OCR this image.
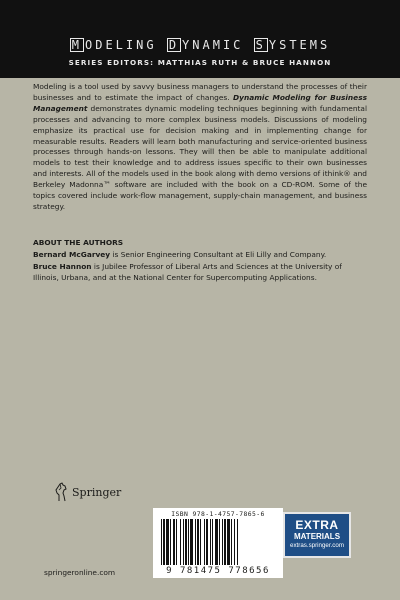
M ODELING D YNAMIC S YSTEMS
SERIES EDITORS: MATTHIAS RUTH & BRUCE HANNON
Modeling is a tool used by savvy business managers to understand the processes of their businesses and to estimate the impact of changes. Dynamic Modeling for Business Management demonstrates dynamic modeling techniques beginning with fundamental processes and advancing to more complex business models. Discussions of modeling emphasize its practical use for decision making and in implementing change for measurable results. Readers will learn both manufacturing and service-oriented business processes through hands-on lessons. They will then be able to manipulate additional models to test their knowledge and to address issues specific to their own businesses and interests. All of the models used in the book along with demo versions of ithink® and Berkeley Madonna™ software are included with the book on a CD-ROM. Some of the topics covered include work-flow management, supply-chain management, and business strategy.
ABOUT THE AUTHORS
Bernard McGarvey is Senior Engineering Consultant at Eli Lilly and Company.
Bruce Hannon is Jubilee Professor of Liberal Arts and Sciences at the University of Illinois, Urbana, and at the National Center for Supercomputing Applications.
Springer
springeronline.com
ISBN 978-1-4757-7865-6
9 781475 778656
EXTRA
MATERIALS
extras.springer.com
